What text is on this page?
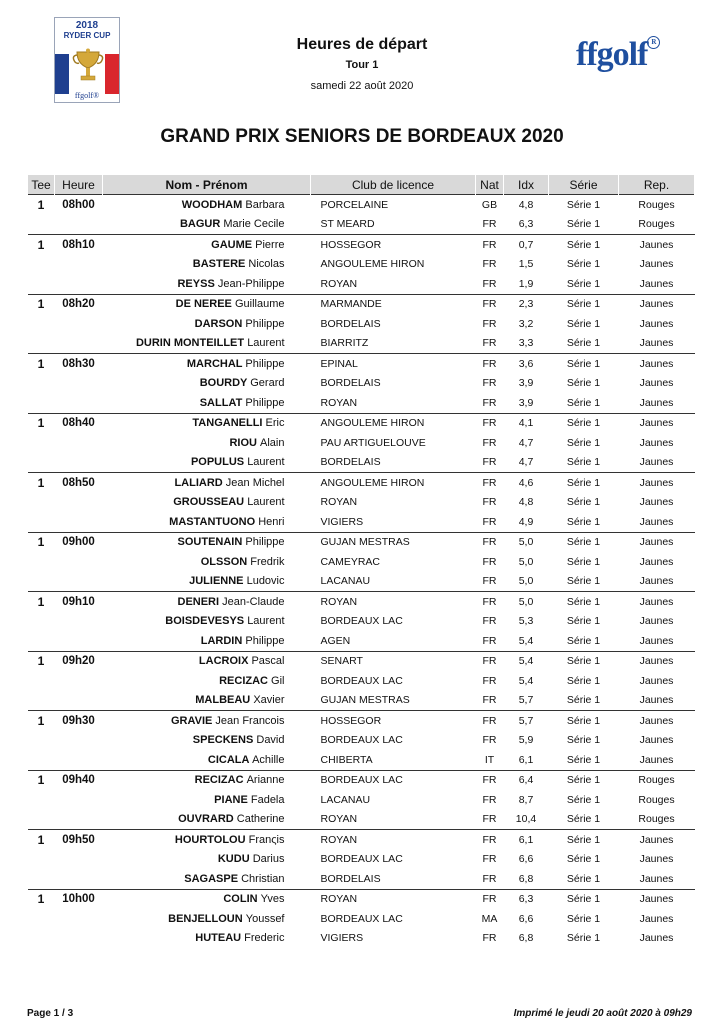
2018
RYDER CUP
ffgolf®
ffgolf R
Heures de départ
Tour 1
samedi 22 août 2020
GRAND PRIX SENIORS DE BORDEAUX 2020
Tee	Heure	Nom - Prénom	Club de licence	Nat	Idx	Série	Rep.
1	08h00	WOODHAM Barbara	PORCELAINE	GB	4,8	Série 1	Rouges
		BAGUR Marie Cecile	ST MEARD	FR	6,3	Série 1	Rouges
1	08h10	GAUME Pierre	HOSSEGOR	FR	0,7	Série 1	Jaunes
		BASTERE Nicolas	ANGOULEME HIRON	FR	1,5	Série 1	Jaunes
		REYSS Jean-Philippe	ROYAN	FR	1,9	Série 1	Jaunes
1	08h20	DE NEREE Guillaume	MARMANDE	FR	2,3	Série 1	Jaunes
		DARSON Philippe	BORDELAIS	FR	3,2	Série 1	Jaunes
		DURIN MONTEILLET Laurent	BIARRITZ	FR	3,3	Série 1	Jaunes
1	08h30	MARCHAL Philippe	EPINAL	FR	3,6	Série 1	Jaunes
		BOURDY Gerard	BORDELAIS	FR	3,9	Série 1	Jaunes
		SALLAT Philippe	ROYAN	FR	3,9	Série 1	Jaunes
1	08h40	TANGANELLI Eric	ANGOULEME HIRON	FR	4,1	Série 1	Jaunes
		RIOU Alain	PAU ARTIGUELOUVE	FR	4,7	Série 1	Jaunes
		POPULUS Laurent	BORDELAIS	FR	4,7	Série 1	Jaunes
1	08h50	LALIARD Jean Michel	ANGOULEME HIRON	FR	4,6	Série 1	Jaunes
		GROUSSEAU Laurent	ROYAN	FR	4,8	Série 1	Jaunes
		MASTANTUONO Henri	VIGIERS	FR	4,9	Série 1	Jaunes
1	09h00	SOUTENAIN Philippe	GUJAN MESTRAS	FR	5,0	Série 1	Jaunes
		OLSSON Fredrik	CAMEYRAC	FR	5,0	Série 1	Jaunes
		JULIENNE Ludovic	LACANAU	FR	5,0	Série 1	Jaunes
1	09h10	DENERI Jean-Claude	ROYAN	FR	5,0	Série 1	Jaunes
		BOISDEVESYS Laurent	BORDEAUX LAC	FR	5,3	Série 1	Jaunes
		LARDIN Philippe	AGEN	FR	5,4	Série 1	Jaunes
1	09h20	LACROIX Pascal	SENART	FR	5,4	Série 1	Jaunes
		RECIZAC Gil	BORDEAUX LAC	FR	5,4	Série 1	Jaunes
		MALBEAU Xavier	GUJAN MESTRAS	FR	5,7	Série 1	Jaunes
1	09h30	GRAVIE Jean Francois	HOSSEGOR	FR	5,7	Série 1	Jaunes
		SPECKENS David	BORDEAUX LAC	FR	5,9	Série 1	Jaunes
		CICALA Achille	CHIBERTA	IT	6,1	Série 1	Jaunes
1	09h40	RECIZAC Arianne	BORDEAUX LAC	FR	6,4	Série 1	Rouges
		PIANE Fadela	LACANAU	FR	8,7	Série 1	Rouges
		OUVRARD Catherine	ROYAN	FR	10,4	Série 1	Rouges
1	09h50	HOURTOLOU Franςis	ROYAN	FR	6,1	Série 1	Jaunes
		KUDU Darius	BORDEAUX LAC	FR	6,6	Série 1	Jaunes
		SAGASPE Christian	BORDELAIS	FR	6,8	Série 1	Jaunes
1	10h00	COLIN Yves	ROYAN	FR	6,3	Série 1	Jaunes
		BENJELLOUN Youssef	BORDEAUX LAC	MA	6,6	Série 1	Jaunes
		HUTEAU Frederic	VIGIERS	FR	6,8	Série 1	Jaunes
Page 1 / 3	Imprimé le jeudi 20 août 2020 à 09h29
